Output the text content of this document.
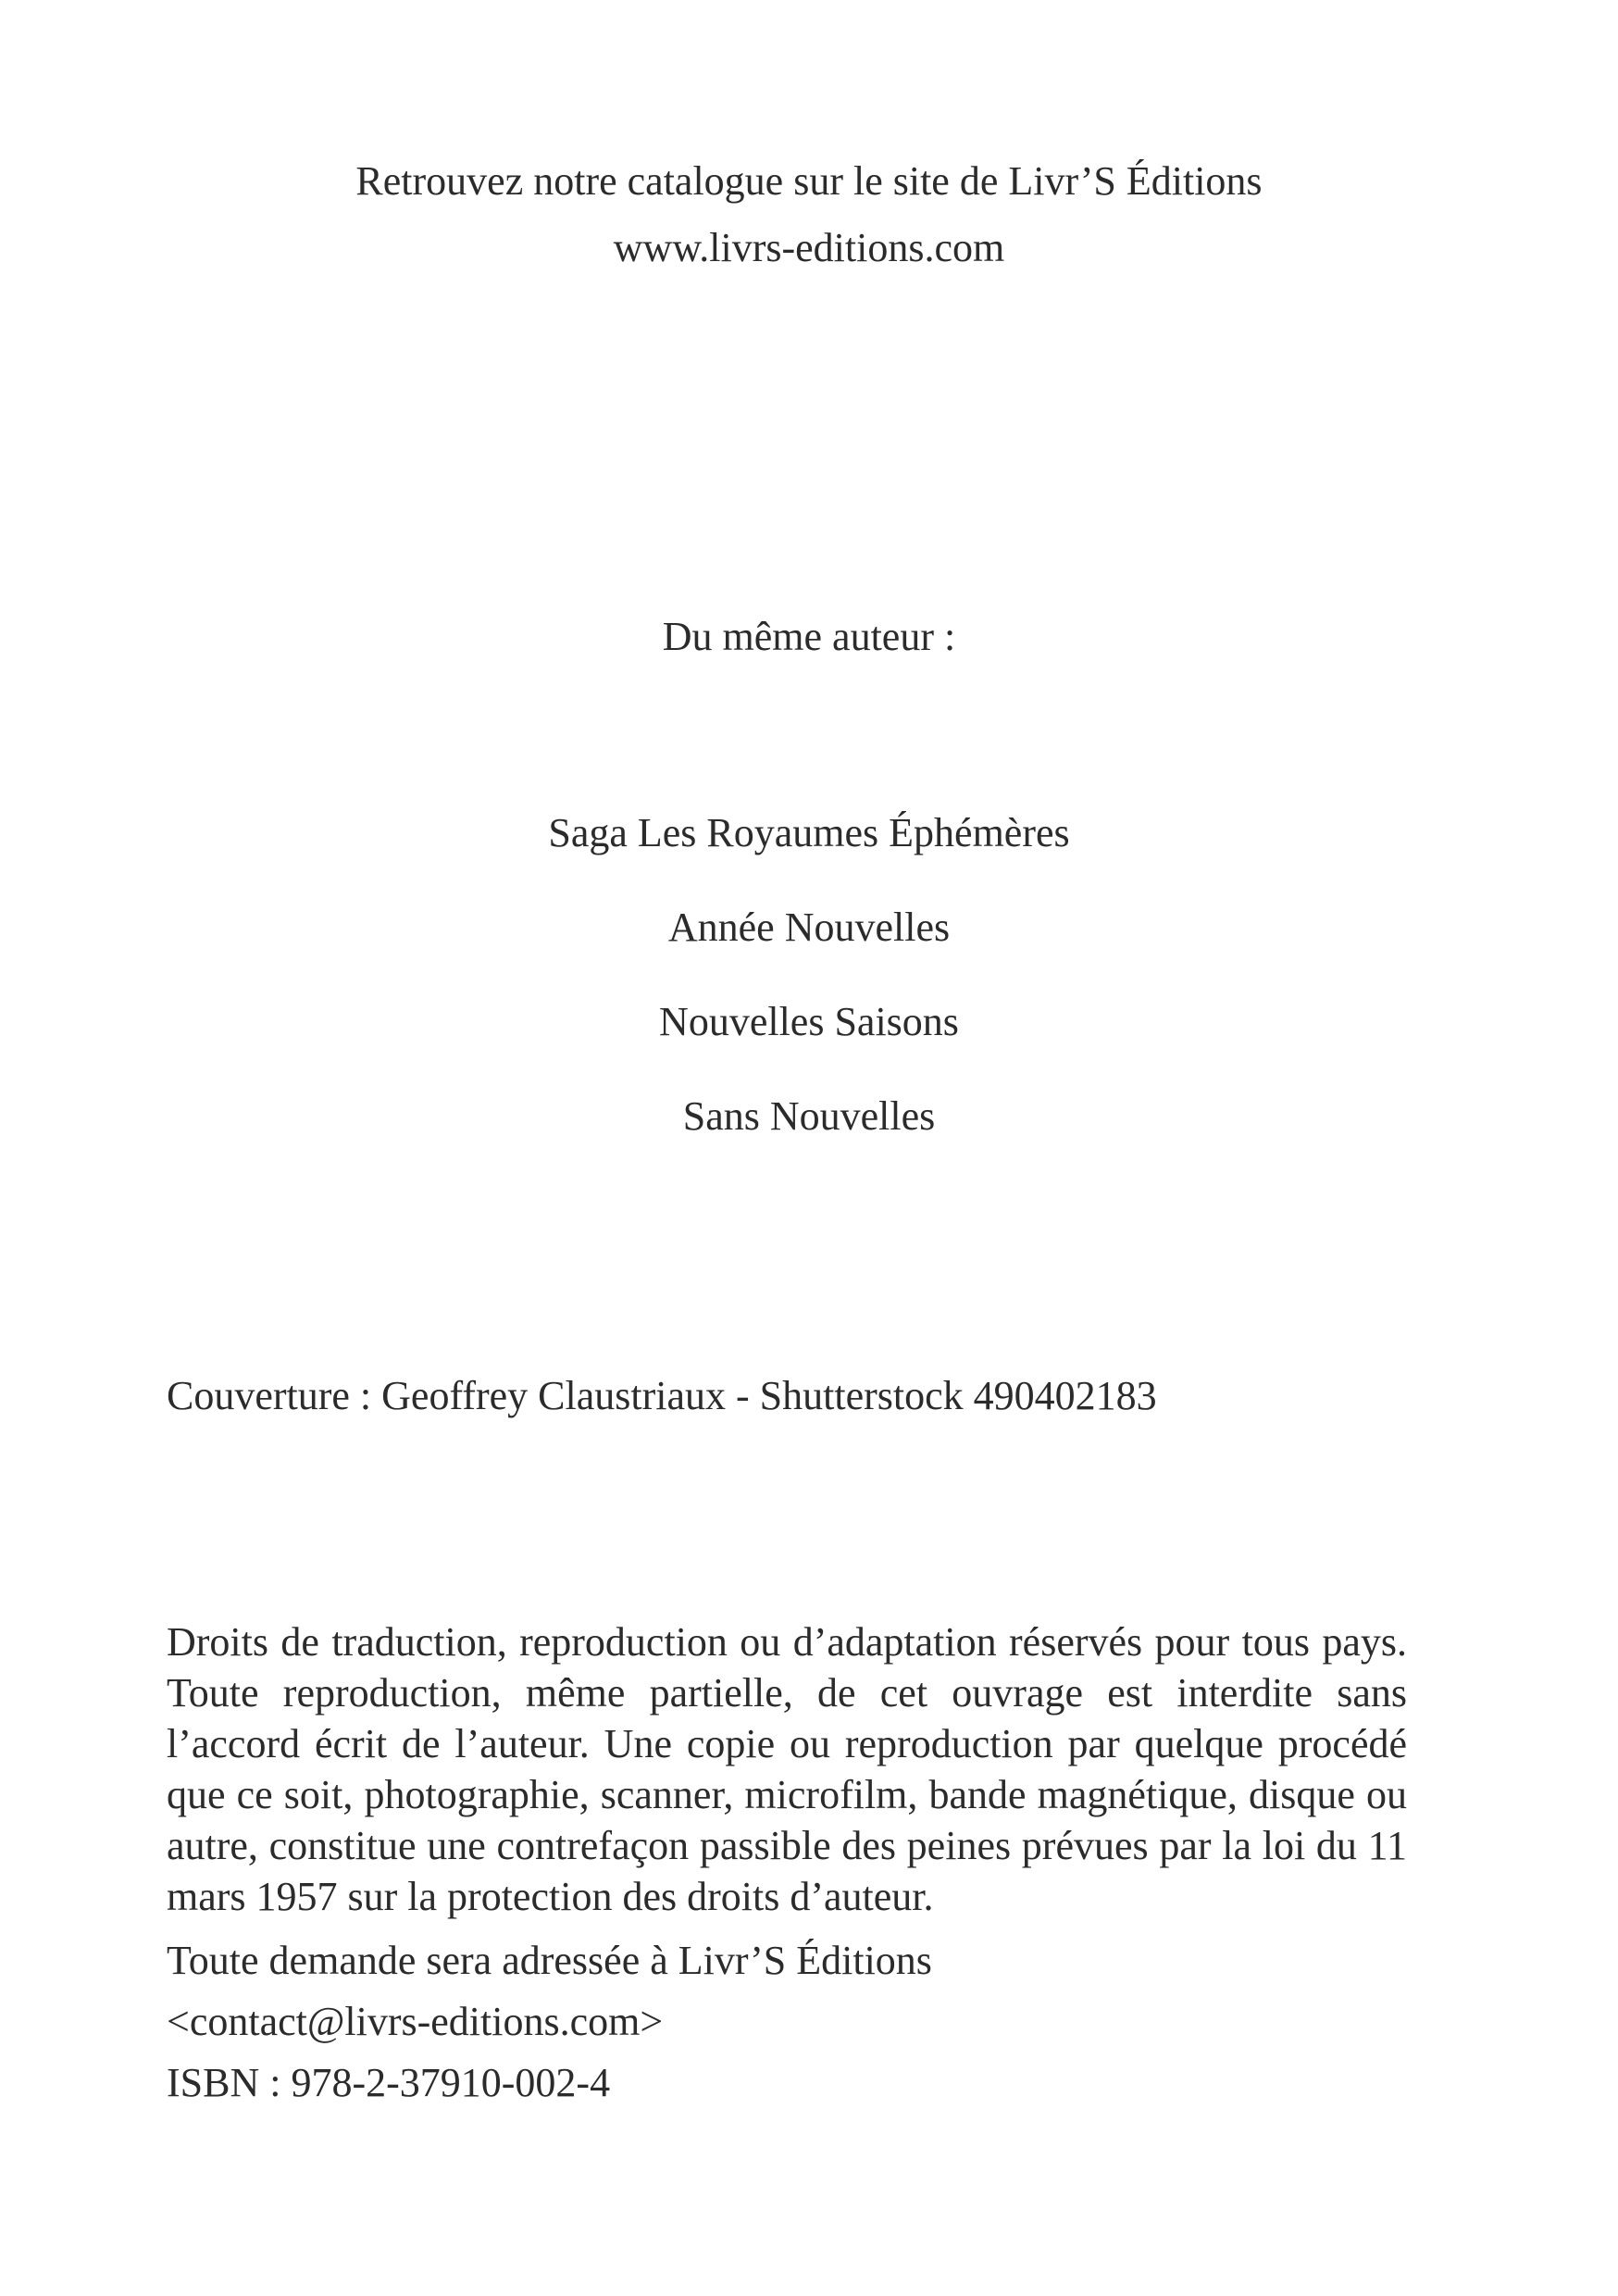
Retrouvez notre catalogue sur le site de Livr’S Éditions
www.livrs-editions.com
Du même auteur :
Saga Les Royaumes Éphémères
Année Nouvelles
Nouvelles Saisons
Sans Nouvelles
Couverture : Geoffrey Claustriaux - Shutterstock 490402183
Droits de traduction, reproduction ou d’adaptation réservés pour tous pays. Toute reproduction, même partielle, de cet ouvrage est interdite sans l’accord écrit de l’auteur. Une copie ou reproduction par quelque procédé que ce soit, photographie, scanner, microfilm, bande magnétique, disque ou autre, constitue une contrefaçon passible des peines prévues par la loi du 11 mars 1957 sur la protection des droits d’auteur.
Toute demande sera adressée à Livr’S Éditions
<contact@livrs-editions.com>
ISBN : 978-2-37910-002-4
